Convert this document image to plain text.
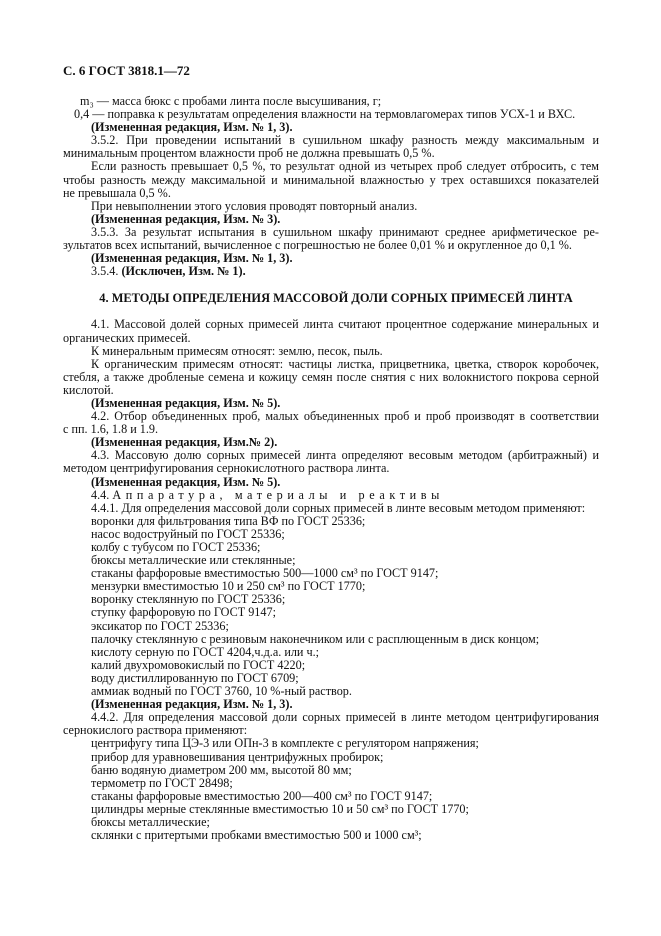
С. 6 ГОСТ 3818.1—72
m₃ — масса бюкс с пробами линта после высушивания, г;
0,4 — поправка к результатам определения влажности на термовлагомерах типов УСХ-1 и ВХС.
(Измененная редакция, Изм. № 1, 3).
3.5.2. При проведении испытаний в сушильном шкафу разность между максимальным и
минимальным процентом влажности проб не должна превышать 0,5 %.
Если разность превышает 0,5 %, то результат одной из четырех проб следует отбросить, с тем
чтобы разность между максимальной и минимальной влажностью у трех оставшихся показателей
не превышала 0,5 %.
При невыполнении этого условия проводят повторный анализ.
(Измененная редакция, Изм. № 3).
3.5.3. За результат испытания в сушильном шкафу принимают среднее арифметическое ре-
зультатов всех испытаний, вычисленное с погрешностью не более 0,01 % и округленное до 0,1 %.
(Измененная редакция, Изм. № 1, 3).
3.5.4. (Исключен, Изм. № 1).
4. МЕТОДЫ ОПРЕДЕЛЕНИЯ МАССОВОЙ ДОЛИ СОРНЫХ ПРИМЕСЕЙ ЛИНТА
4.1. Массовой долей сорных примесей линта считают процентное содержание минеральных и
органических примесей.
К минеральным примесям относят: землю, песок, пыль.
К органическим примесям относят: частицы листка, прицветника, цветка, створок коробочек,
стебля, а также дробленые семена и кожицу семян после снятия с них волокнистого покрова серной
кислотой.
(Измененная редакция, Изм. № 5).
4.2. Отбор объединенных проб, малых объединенных проб и проб производят в соответствии
с пп. 1.6, 1.8 и 1.9.
(Измененная редакция, Изм.№ 2).
4.3. Массовую долю сорных примесей линта определяют весовым методом (арбитражный) и
методом центрифугирования сернокислотного раствора линта.
(Измененная редакция, Изм. № 5).
4.4. Аппаратура, материалы и реактивы
4.4.1. Для определения массовой доли сорных примесей в линте весовым методом применяют:
воронки для фильтрования типа ВФ по ГОСТ 25336;
насос водоструйный по ГОСТ 25336;
колбу с тубусом по ГОСТ 25336;
бюксы металлические или стеклянные;
стаканы фарфоровые вместимостью 500—1000 см³ по ГОСТ 9147;
мензурки вместимостью 10 и 250 см³ по ГОСТ 1770;
воронку стеклянную по ГОСТ 25336;
ступку фарфоровую по ГОСТ 9147;
эксикатор по ГОСТ 25336;
палочку стеклянную с резиновым наконечником или с расплющенным в диск концом;
кислоту серную по ГОСТ 4204,ч.д.а. или ч.;
калий двухромовокислый по ГОСТ 4220;
воду дистиллированную по ГОСТ 6709;
аммиак водный по ГОСТ 3760, 10 %-ный раствор.
(Измененная редакция, Изм. № 1, 3).
4.4.2. Для определения массовой доли сорных примесей в линте методом центрифугирования
сернокислого раствора применяют:
центрифугу типа ЦЭ-3 или ОПн-3 в комплекте с регулятором напряжения;
прибор для уравновешивания центрифужных пробирок;
баню водяную диаметром 200 мм, высотой 80 мм;
термометр по ГОСТ 28498;
стаканы фарфоровые вместимостью 200—400 см³ по ГОСТ 9147;
цилиндры мерные стеклянные вместимостью 10 и 50 см³ по ГОСТ 1770;
бюксы металлические;
склянки с притертыми пробками вместимостью 500 и 1000 см³;
